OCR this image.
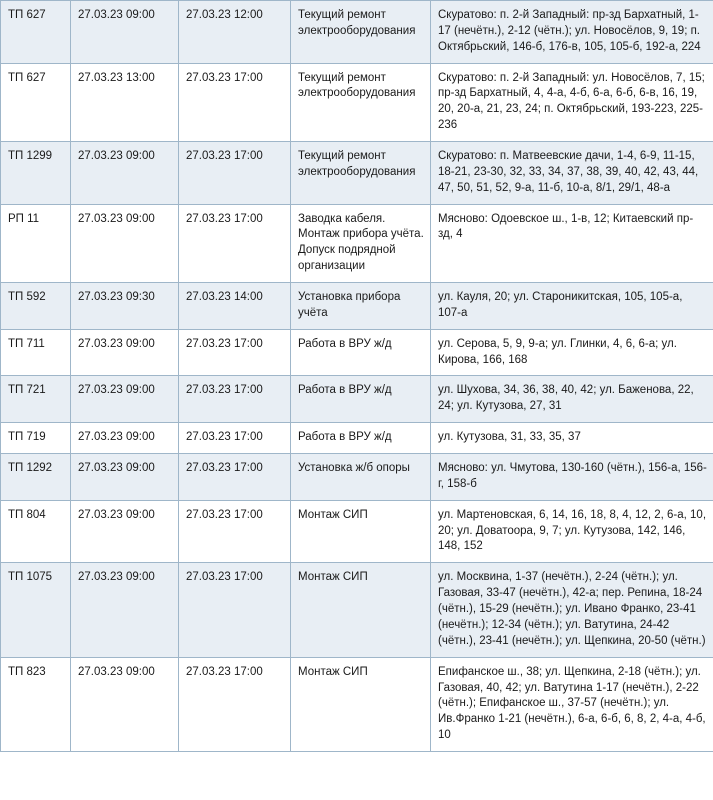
ТП 627	27.03.23 09:00	27.03.23 12:00	Текущий ремонт электрооборудования	Скуратово: п. 2-й Западный: пр-зд Бархатный, 1-17 (нечётн.), 2-12 (чётн.); ул. Новосёлов, 9, 19; п. Октябрьский, 146-б, 176-в, 105, 105-б, 192-а, 224
ТП 627	27.03.23 13:00	27.03.23 17:00	Текущий ремонт электрооборудования	Скуратово: п. 2-й Западный: ул. Новосёлов, 7, 15; пр-зд Бархатный, 4, 4-а, 4-б, 6-а, 6-б, 6-в, 16, 19, 20, 20-а, 21, 23, 24; п. Октябрьский, 193-223, 225-236
ТП 1299	27.03.23 09:00	27.03.23 17:00	Текущий ремонт электрооборудования	Скуратово: п. Матвеевские дачи, 1-4, 6-9, 11-15, 18-21, 23-30, 32, 33, 34, 37, 38, 39, 40, 42, 43, 44, 47, 50, 51, 52, 9-а, 11-б, 10-а, 8/1, 29/1, 48-а
РП 11	27.03.23 09:00	27.03.23 17:00	Заводка кабеля. Монтаж прибора учёта. Допуск подрядной организации	Мясново: Одоевское ш., 1-в, 12; Китаевский пр-зд, 4
ТП 592	27.03.23 09:30	27.03.23 14:00	Установка прибора учёта	ул. Кауля, 20; ул. Староникитская, 105, 105-а, 107-а
ТП 711	27.03.23 09:00	27.03.23 17:00	Работа в ВРУ ж/д	ул. Серова, 5, 9, 9-а; ул. Глинки, 4, 6, 6-а; ул. Кирова, 166, 168
ТП 721	27.03.23 09:00	27.03.23 17:00	Работа в ВРУ ж/д	ул. Шухова, 34, 36, 38, 40, 42; ул. Баженова, 22, 24; ул. Кутузова, 27, 31
ТП 719	27.03.23 09:00	27.03.23 17:00	Работа в ВРУ ж/д	ул. Кутузова, 31, 33, 35, 37
ТП 1292	27.03.23 09:00	27.03.23 17:00	Установка ж/б опоры	Мясново: ул. Чмутова, 130-160 (чётн.), 156-а, 156-г, 158-б
ТП 804	27.03.23 09:00	27.03.23 17:00	Монтаж СИП	ул. Мартеновская, 6, 14, 16, 18, 8, 4, 12, 2, 6-а, 10, 20; ул. Доватоора, 9, 7; ул. Кутузова, 142, 146, 148, 152
ТП 1075	27.03.23 09:00	27.03.23 17:00	Монтаж СИП	ул. Москвина, 1-37 (нечётн.), 2-24 (чётн.); ул. Газовая, 33-47 (нечётн.), 42-а; пер. Репина, 18-24 (чётн.), 15-29 (нечётн.); ул. Ивано Франко, 23-41 (нечётн.); 12-34 (чётн.); ул. Ватутина, 24-42 (чётн.), 23-41 (нечётн.); ул. Щепкина, 20-50 (чётн.)
ТП 823	27.03.23 09:00	27.03.23 17:00	Монтаж СИП	Епифанское ш., 38; ул. Щепкина, 2-18 (чётн.); ул. Газовая, 40, 42; ул. Ватутина 1-17 (нечётн.), 2-22 (чётн.); Епифанское ш., 37-57 (нечётн.); ул. Ив.Франко 1-21 (нечётн.), 6-а, 6-б, 6, 8, 2, 4-а, 4-б, 10
